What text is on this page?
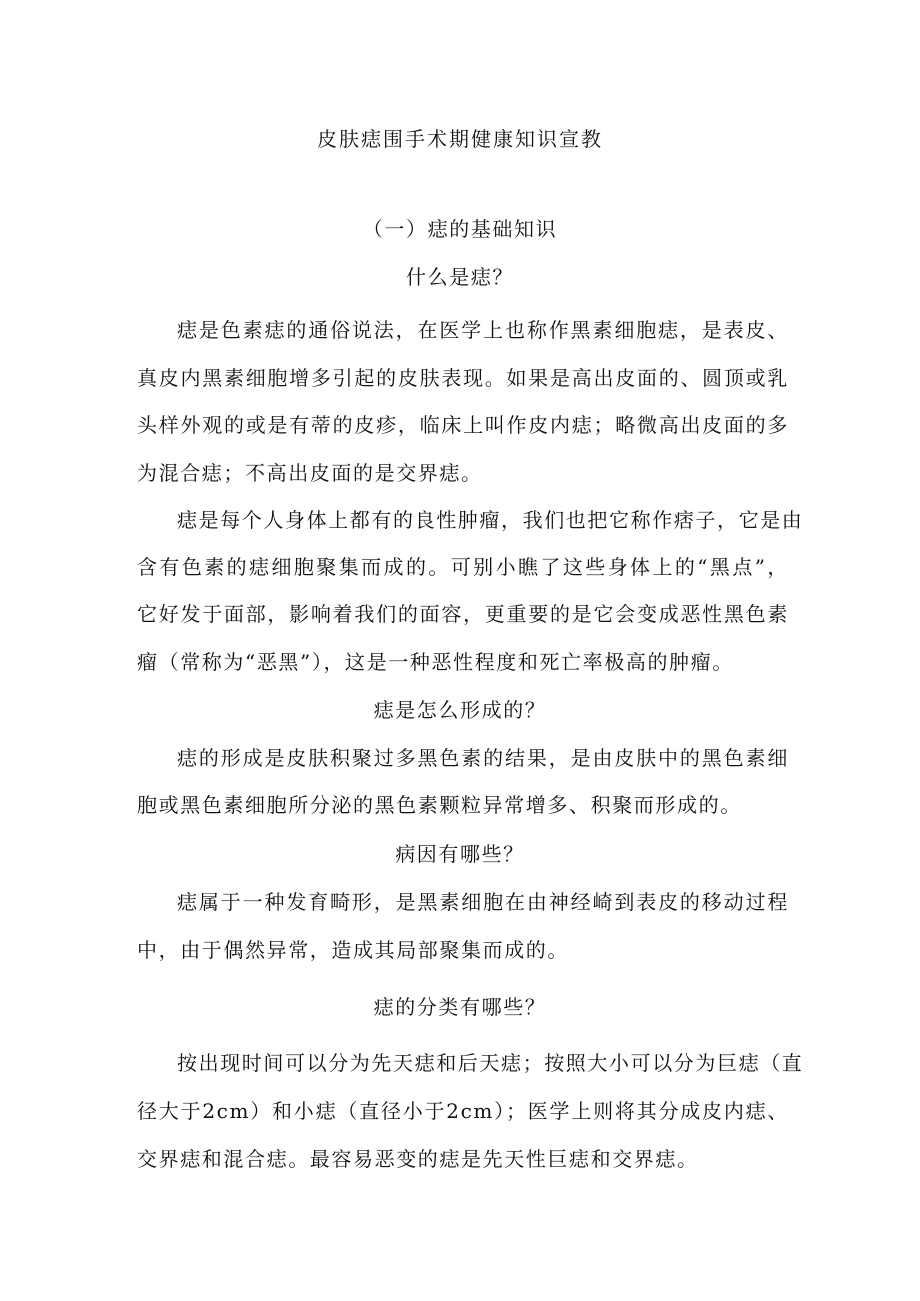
皮肤痣围手术期健康知识宣教
（一）痣的基础知识
什么是痣？
痣是色素痣的通俗说法，在医学上也称作黑素细胞痣，是表皮、
真皮内黑素细胞增多引起的皮肤表现。如果是高出皮面的、圆顶或乳
头样外观的或是有蒂的皮疹，临床上叫作皮内痣；略微高出皮面的多
为混合痣；不高出皮面的是交界痣。
痣是每个人身体上都有的良性肿瘤，我们也把它称作痞子，它是由
含有色素的痣细胞聚集而成的。可别小瞧了这些身体上的“黑点”，
它好发于面部，影响着我们的面容，更重要的是它会变成恶性黑色素
瘤（常称为“恶黑”），这是一种恶性程度和死亡率极高的肿瘤。
痣是怎么形成的？
痣的形成是皮肤积聚过多黑色素的结果，是由皮肤中的黑色素细
胞或黑色素细胞所分泌的黑色素颗粒异常增多、积聚而形成的。
病因有哪些？
痣属于一种发育畸形，是黑素细胞在由神经崎到表皮的移动过程
中，由于偶然异常，造成其局部聚集而成的。
痣的分类有哪些？
按出现时间可以分为先天痣和后天痣；按照大小可以分为巨痣（直
径大于2cm）和小痣（直径小于2cm）；医学上则将其分成皮内痣、
交界痣和混合痣。最容易恶变的痣是先天性巨痣和交界痣。
